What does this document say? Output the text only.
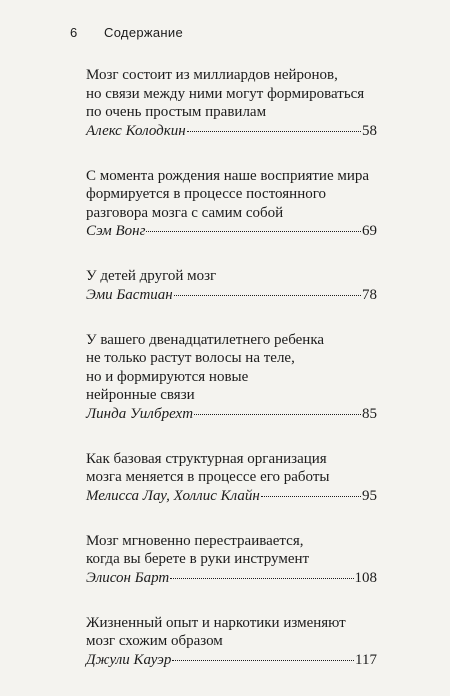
6 Содержание
Мозг состоит из миллиардов нейронов,
но связи между ними могут формироваться
по очень простым правилам
Алекс Колодкин	58
С момента рождения наше восприятие мира
формируется в процессе постоянного
разговора мозга с самим собой
Сэм Вонг	69
У детей другой мозг
Эми Бастиан	78
У вашего двенадцатилетнего ребенка
не только растут волосы на теле,
но и формируются новые
нейронные связи
Линда Уилбрехт	85
Как базовая структурная организация
мозга меняется в процессе его работы
Мелисса Лау, Холлис Клайн	95
Мозг мгновенно перестраивается,
когда вы берете в руки инструмент
Элисон Барт	108
Жизненный опыт и наркотики изменяют
мозг схожим образом
Джули Кауэр	117
